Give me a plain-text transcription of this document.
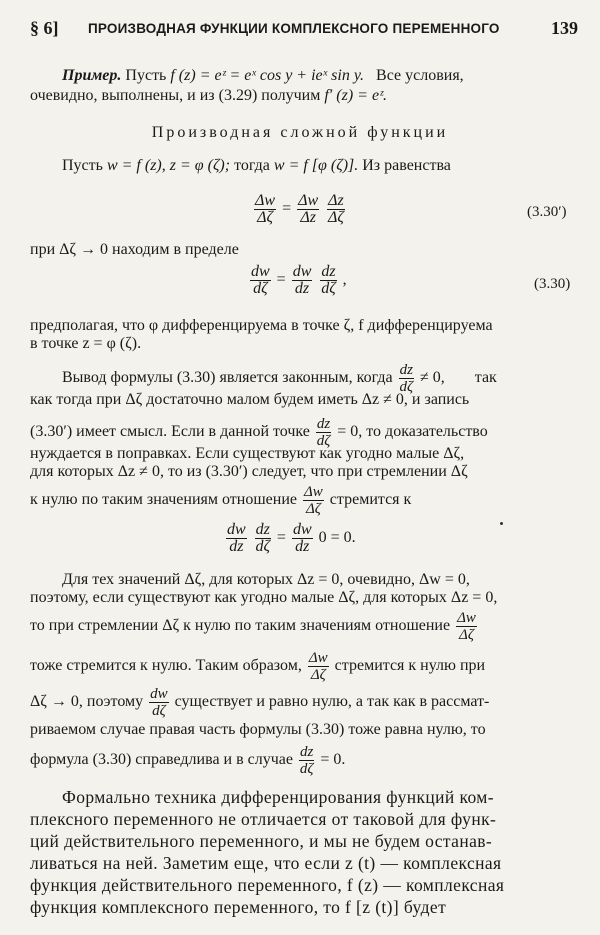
§ 6] ПРОИЗВОДНАЯ ФУНКЦИИ КОМПЛЕКСНОГО ПЕРЕМЕННОГО	139
Пример. Пусть f (z) = eᶻ = eˣ cos y + ieˣ sin y. Все условия,
очевидно, выполнены, и из (3.29) получим f′ (z) = eᶻ.
Производная сложной функции
Пусть w = f (z), z = φ (ζ); тогда w = f [φ (ζ)]. Из равенства
$\frac{\Delta w}{\Delta\zeta} = \frac{\Delta w}{\Delta z}$
$\frac{\Delta z}{\Delta\zeta}$	(3.30′)
при Δζ → 0 находим в пределе
$\frac{dw}{d\zeta} = \frac{dw}{dz}$
$\frac{dz}{d\zeta}$ ,	(3.30)
предполагая, что φ дифференцируема в точке ζ, f дифференцируема
в точке z = φ (ζ).
Вывод формулы (3.30) является законным, когда $\frac{dz}{d\zeta} \ne 0$, так
как тогда при Δζ достаточно малом будем иметь Δz ≠ 0, и запись
(3.30′) имеет смысл. Если в данной точке $\frac{dz}{d\zeta} = 0$, то доказательство
нуждается в поправках. Если существуют как угодно малые Δζ,
для которых Δz ≠ 0, то из (3.30′) следует, что при стремлении Δζ
к нулю по таким значениям отношение $\frac{\Delta w}{\Delta\zeta}$ стремится к
$\frac{dw}{dz}$
$\frac{dz}{d\zeta} = \frac{dw}{dz} 0 = 0$.
Для тех значений Δζ, для которых Δz = 0, очевидно, Δw = 0,
поэтому, если существуют как угодно малые Δζ, для которых Δz = 0,
то при стремлении Δζ к нулю по таким значениям отношение $\frac{\Delta w}{\Delta\zeta}$
тоже стремится к нулю. Таким образом, $\frac{\Delta w}{\Delta\zeta}$ стремится к нулю при
Δζ → 0, поэтому $\frac{dw}{d\zeta}$ существует и равно нулю, а так как в рассмат-
риваемом случае правая часть формулы (3.30) тоже равна нулю, то
формула (3.30) справедлива и в случае $\frac{dz}{d\zeta} = 0$.
Формально техника дифференцирования функций ком-
плексного переменного не отличается от таковой для функ-
ций действительного переменного, и мы не будем останав-
ливаться на ней. Заметим еще, что если z (t) — комплексная
функция действительного переменного, f (z) — комплексная
функция комплексного переменного, то f [z (t)] будет
